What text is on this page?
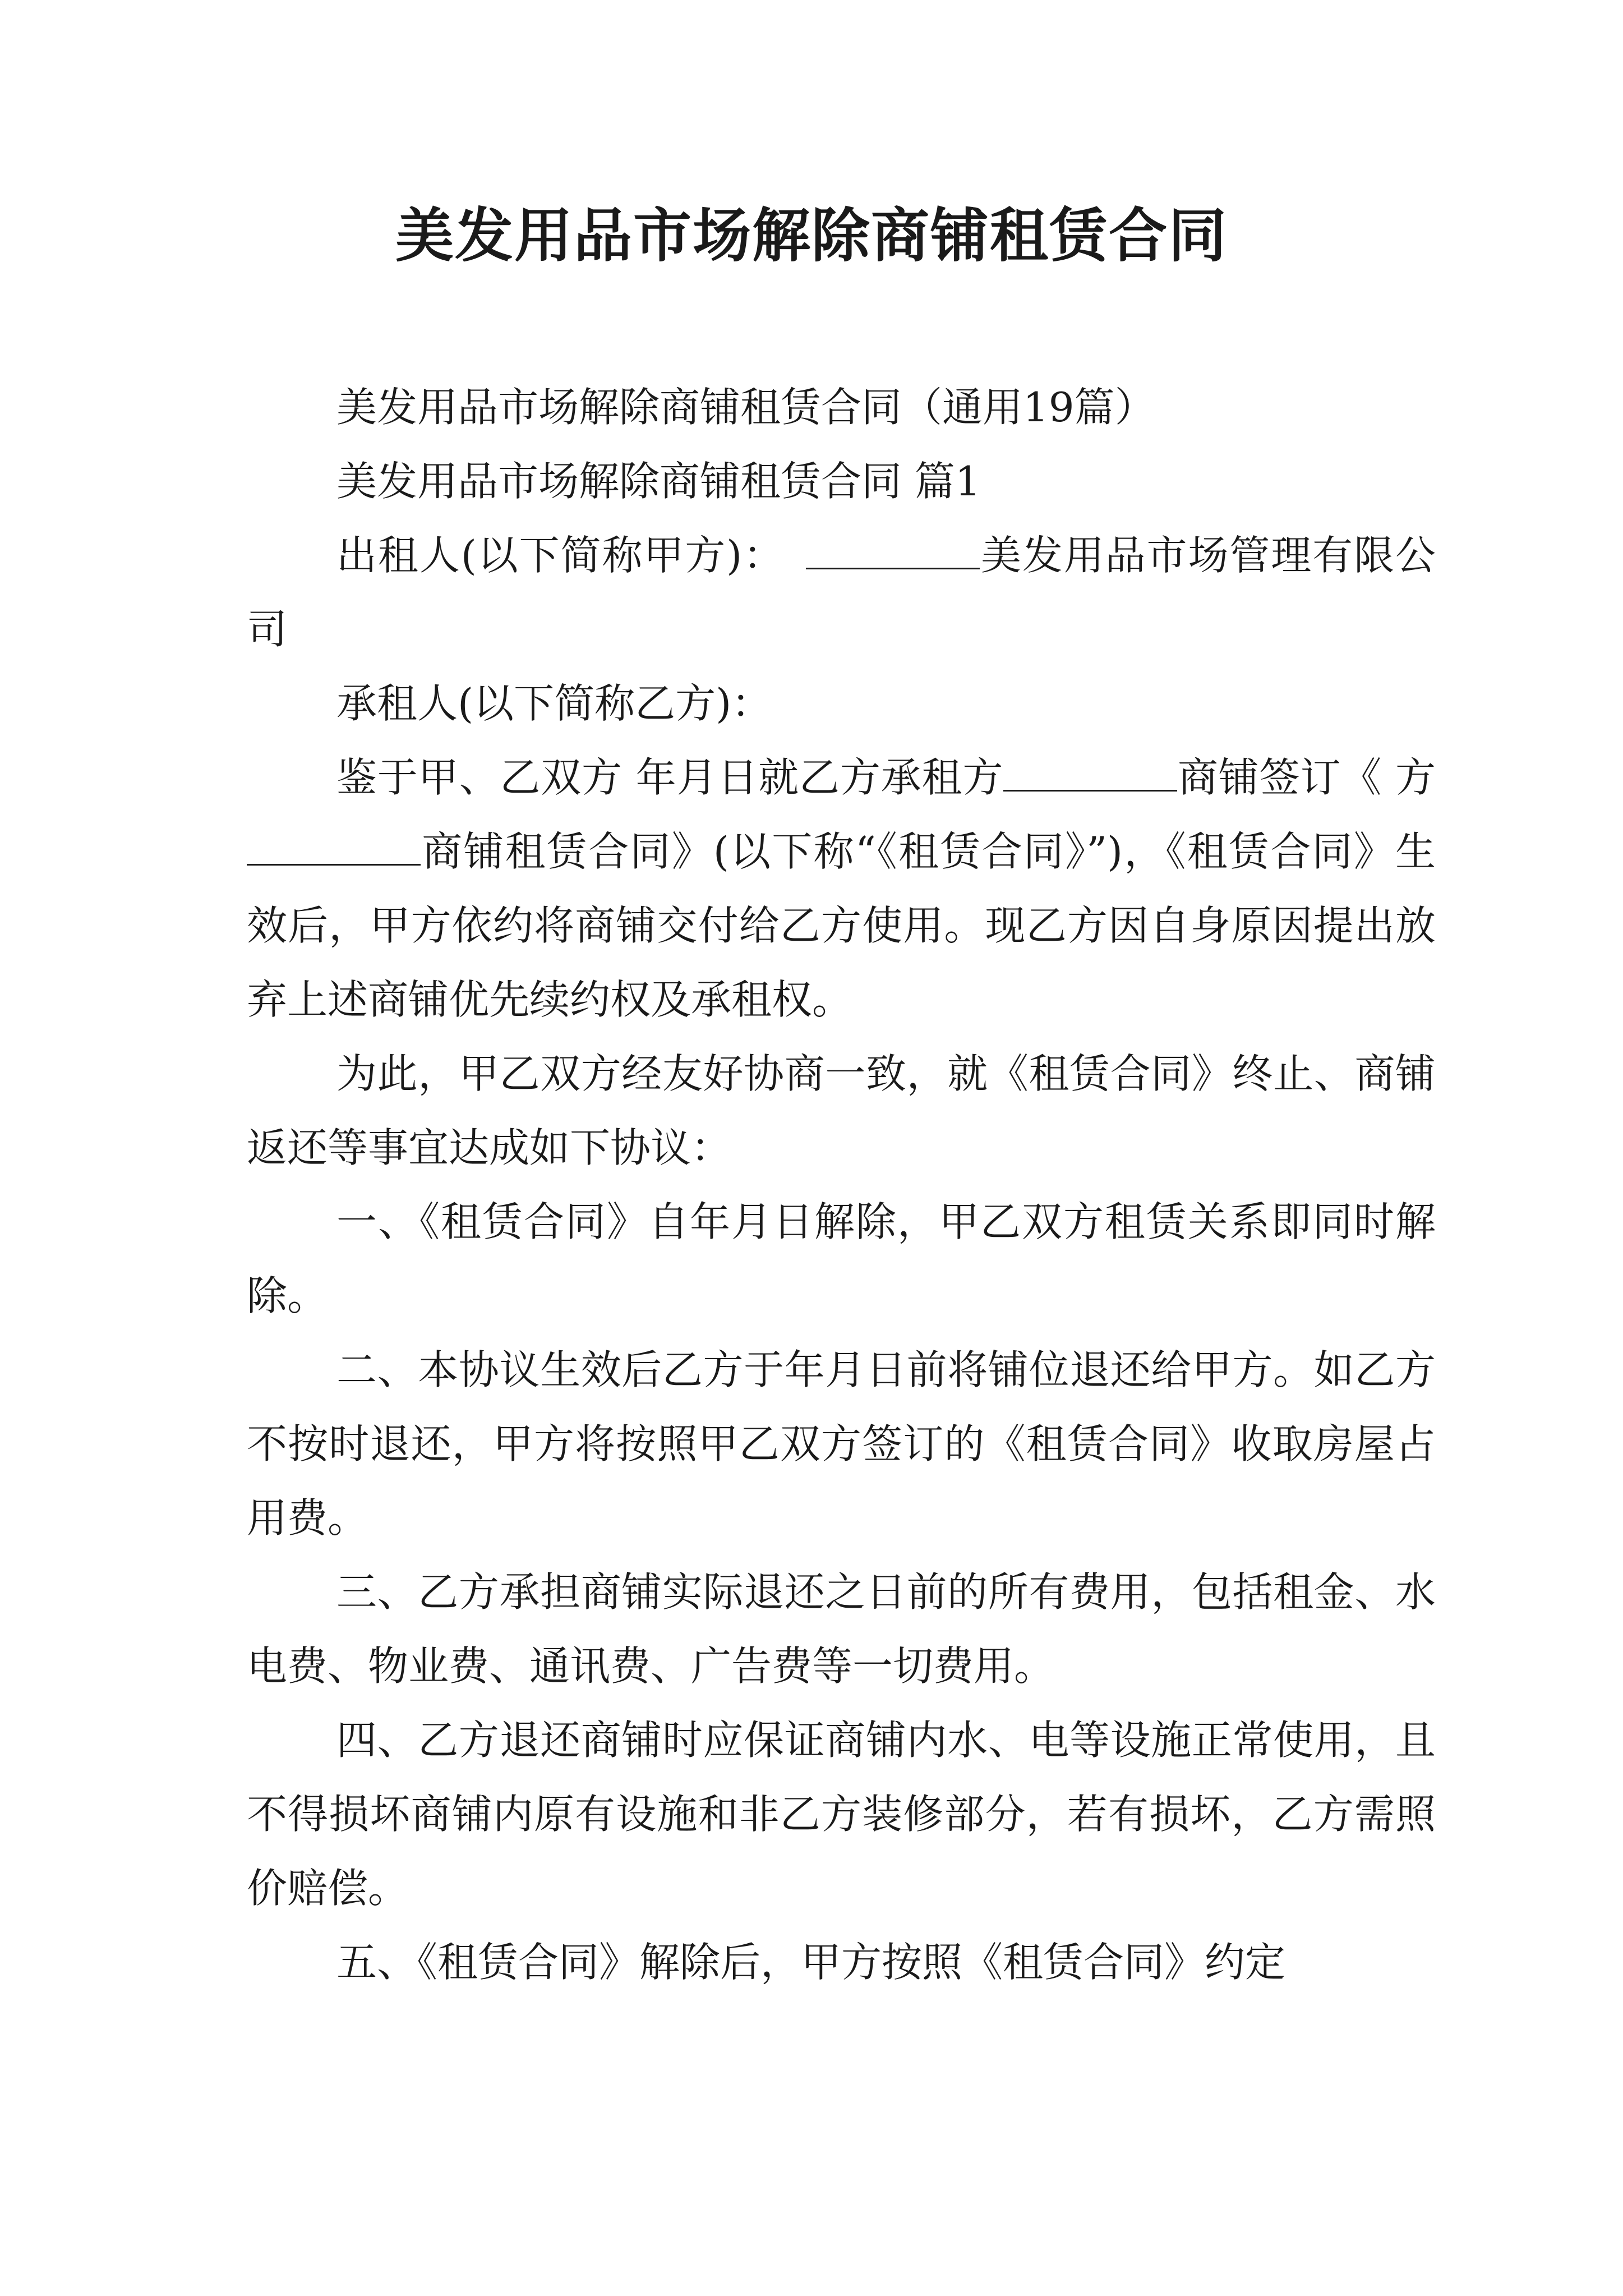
美发用品市场解除商铺租赁合同

美发用品市场解除商铺租赁合同（通用19篇）

美发用品市场解除商铺租赁合同 篇1

出租人(以下简称甲方)：　	美发用品市场管理有限公司

承租人(以下简称乙方)：

鉴于甲、乙双方 年月日就乙方承租方	商铺签订《 方商铺租赁合同》(以下称“《租赁合同》”)，《租赁合同》生效后，甲方依约将商铺交付给乙方使用。现乙方因自身原因提出放弃上述商铺优先续约权及承租权。

为此，甲乙双方经友好协商一致，就《租赁合同》终止、商铺返还等事宜达成如下协议：

一、《租赁合同》自年月日解除，甲乙双方租赁关系即同时解除。

二、本协议生效后乙方于年月日前将铺位退还给甲方。如乙方不按时退还，甲方将按照甲乙双方签订的《租赁合同》收取房屋占用费。

三、乙方承担商铺实际退还之日前的所有费用，包括租金、水电费、物业费、通讯费、广告费等一切费用。

四、乙方退还商铺时应保证商铺内水、电等设施正常使用，且不得损坏商铺内原有设施和非乙方装修部分，若有损坏，乙方需照价赔偿。

五、《租赁合同》解除后，甲方按照《租赁合同》约定
